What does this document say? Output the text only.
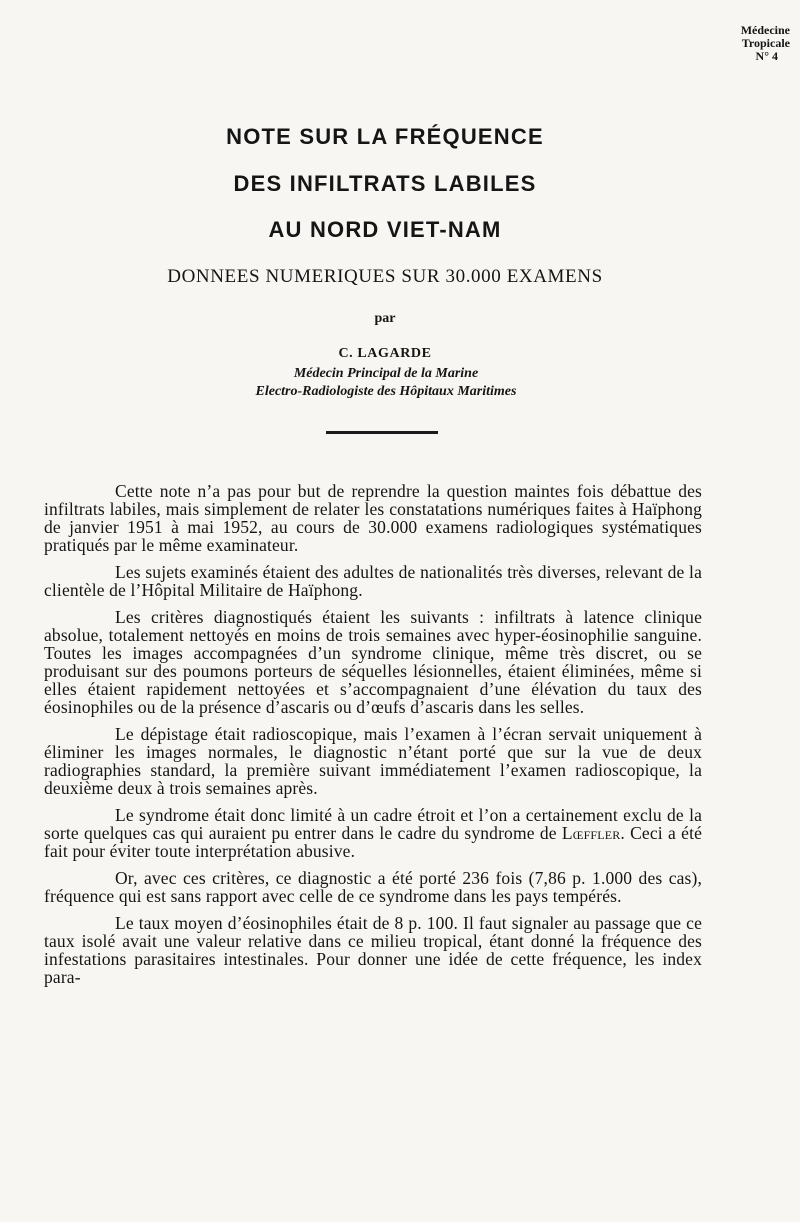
Médecine
Tropicale
N° 4
NOTE SUR LA FRÉQUENCE
DES INFILTRATS LABILES
AU NORD VIET-NAM
DONNEES NUMERIQUES SUR 30.000 EXAMENS
par
C. LAGARDE
Médecin Principal de la Marine
Electro-Radiologiste des Hôpitaux Maritimes

Cette note n’a pas pour but de reprendre la question maintes fois débattue des infiltrats labiles, mais simplement de relater les constatations numériques faites à Haïphong de janvier 1951 à mai 1952, au cours de 30.000 examens radiologiques systématiques pratiqués par le même examinateur.

Les sujets examinés étaient des adultes de nationalités très diverses, relevant de la clientèle de l’Hôpital Militaire de Haïphong.

Les critères diagnostiqués étaient les suivants : infiltrats à latence clinique absolue, totalement nettoyés en moins de trois semaines avec hyper-éosinophilie sanguine. Toutes les images accompagnées d’un syndrome clinique, même très discret, ou se produisant sur des poumons porteurs de séquelles lésionnelles, étaient éliminées, même si elles étaient rapidement nettoyées et s’accompagnaient d’une élévation du taux des éosinophiles ou de la présence d’ascaris ou d’œufs d’ascaris dans les selles.

Le dépistage était radioscopique, mais l’examen à l’écran servait uniquement à éliminer les images normales, le diagnostic n’étant porté que sur la vue de deux radiographies standard, la première suivant immédiatement l’examen radioscopique, la deuxième deux à trois semaines après.

Le syndrome était donc limité à un cadre étroit et l’on a certainement exclu de la sorte quelques cas qui auraient pu entrer dans le cadre du syndrome de Lœffler. Ceci a été fait pour éviter toute interprétation abusive.

Or, avec ces critères, ce diagnostic a été porté 236 fois (7,86 p. 1.000 des cas), fréquence qui est sans rapport avec celle de ce syndrome dans les pays tempérés.

Le taux moyen d’éosinophiles était de 8 p. 100. Il faut signaler au passage que ce taux isolé avait une valeur relative dans ce milieu tropical, étant donné la fréquence des infestations parasitaires intestinales. Pour donner une idée de cette fréquence, les index para-
